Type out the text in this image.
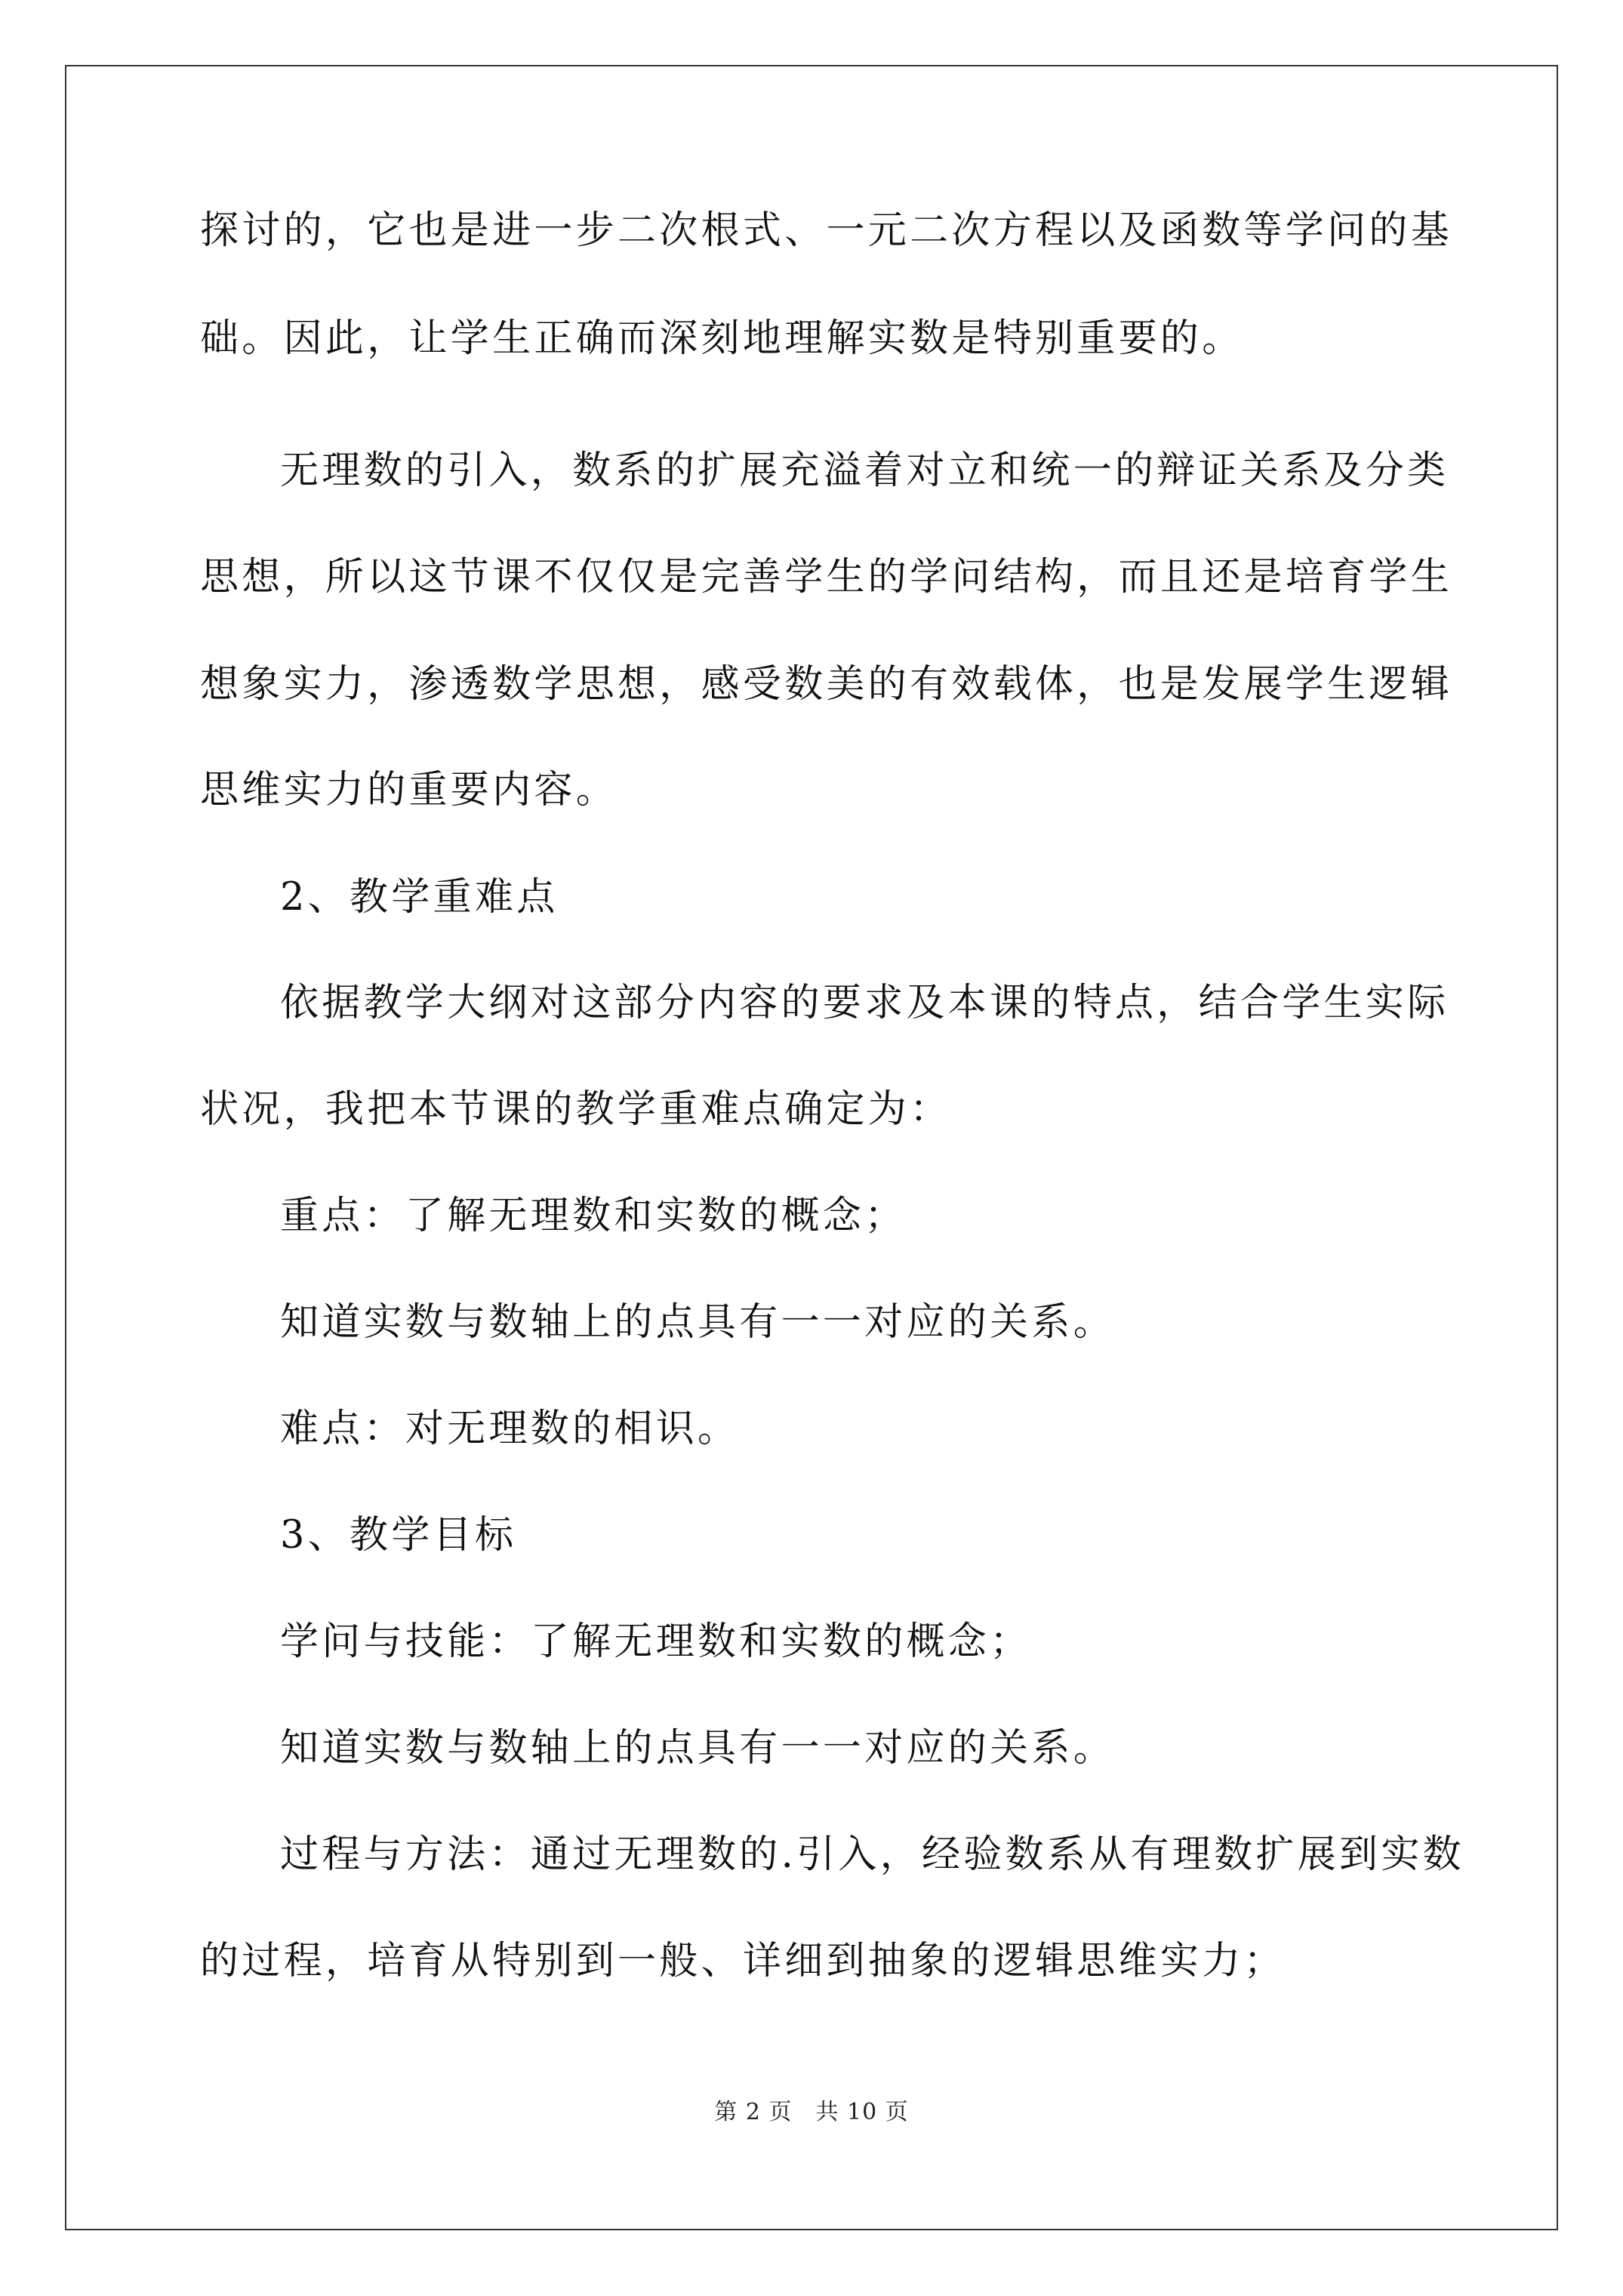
探讨的，它也是进一步二次根式、一元二次方程以及函数等学问的基
础。因此，让学生正确而深刻地理解实数是特别重要的。
无理数的引入，数系的扩展充溢着对立和统一的辩证关系及分类
思想，所以这节课不仅仅是完善学生的学问结构，而且还是培育学生
想象实力，渗透数学思想，感受数美的有效载体，也是发展学生逻辑
思维实力的重要内容。
2、教学重难点
依据教学大纲对这部分内容的要求及本课的特点，结合学生实际
状况，我把本节课的教学重难点确定为：
重点：了解无理数和实数的概念；
知道实数与数轴上的点具有一一对应的关系。
难点：对无理数的相识。
3、教学目标
学问与技能：了解无理数和实数的概念；
知道实数与数轴上的点具有一一对应的关系。
过程与方法：通过无理数的.引入，经验数系从有理数扩展到实数
的过程，培育从特别到一般、详细到抽象的逻辑思维实力；
第 2 页　共 10 页
